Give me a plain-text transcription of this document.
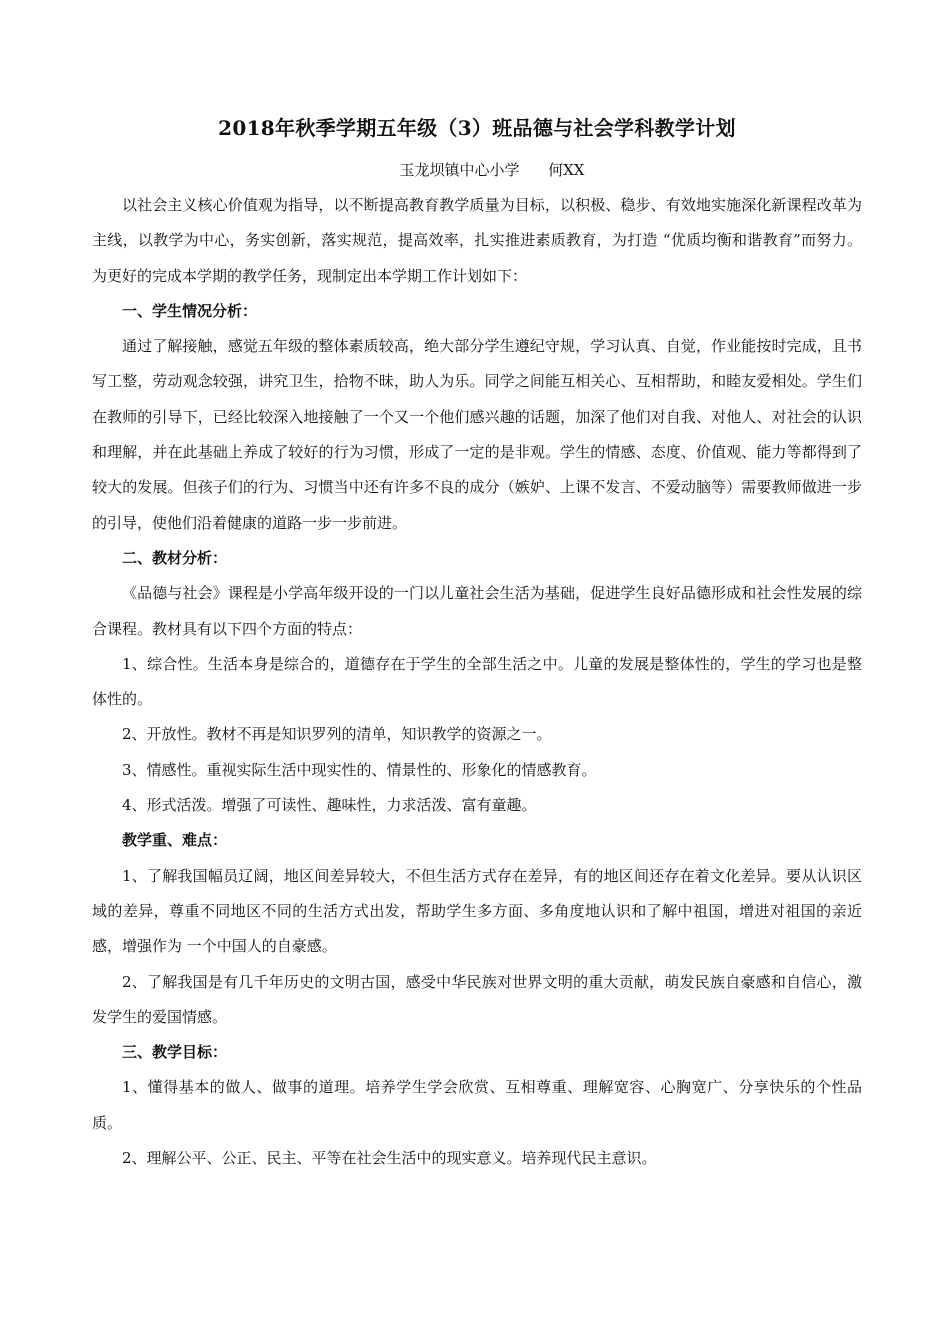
2018年秋季学期五年级（3）班品德与社会学科教学计划

玉龙坝镇中心小学      何XX

以社会主义核心价值观为指导，以不断提高教育教学质量为目标，以积极、稳步、有效地实施深化新课程改革为主线，以教学为中心，务实创新，落实规范，提高效率，扎实推进素质教育，为打造 “优质均衡和谐教育”而努力。为更好的完成本学期的教学任务，现制定出本学期工作计划如下：

一、学生情况分析：

通过了解接触，感觉五年级的整体素质较高，绝大部分学生遵纪守规，学习认真、自觉，作业能按时完成，且书写工整，劳动观念较强，讲究卫生，拾物不昧，助人为乐。同学之间能互相关心、互相帮助，和睦友爱相处。学生们在教师的引导下，已经比较深入地接触了一个又一个他们感兴趣的话题，加深了他们对自我、对他人、对社会的认识和理解，并在此基础上养成了较好的行为习惯，形成了一定的是非观。学生的情感、态度、价值观、能力等都得到了较大的发展。但孩子们的行为、习惯当中还有许多不良的成分（嫉妒、上课不发言、不爱动脑等）需要教师做进一步的引导，使他们沿着健康的道路一步一步前进。

二、教材分析：

《品德与社会》课程是小学高年级开设的一门以儿童社会生活为基础，促进学生良好品德形成和社会性发展的综合课程。教材具有以下四个方面的特点：

1、综合性。生活本身是综合的，道德存在于学生的全部生活之中。儿童的发展是整体性的，学生的学习也是整体性的。

2、开放性。教材不再是知识罗列的清单，知识教学的资源之一。

3、情感性。重视实际生活中现实性的、情景性的、形象化的情感教育。

4、形式活泼。增强了可读性、趣味性，力求活泼、富有童趣。

教学重、难点：

1、了解我国幅员辽阔，地区间差异较大，不但生活方式存在差异，有的地区间还存在着文化差异。要从认识区域的差异，尊重不同地区不同的生活方式出发，帮助学生多方面、多角度地认识和了解中祖国，增进对祖国的亲近感，增强作为 一个中国人的自豪感。

2、了解我国是有几千年历史的文明古国，感受中华民族对世界文明的重大贡献，萌发民族自豪感和自信心，激发学生的爱国情感。

三、教学目标：

1、懂得基本的做人、做事的道理。培养学生学会欣赏、互相尊重、理解宽容、心胸宽广、分享快乐的个性品质。

2、理解公平、公正、民主、平等在社会生活中的现实意义。培养现代民主意识。
